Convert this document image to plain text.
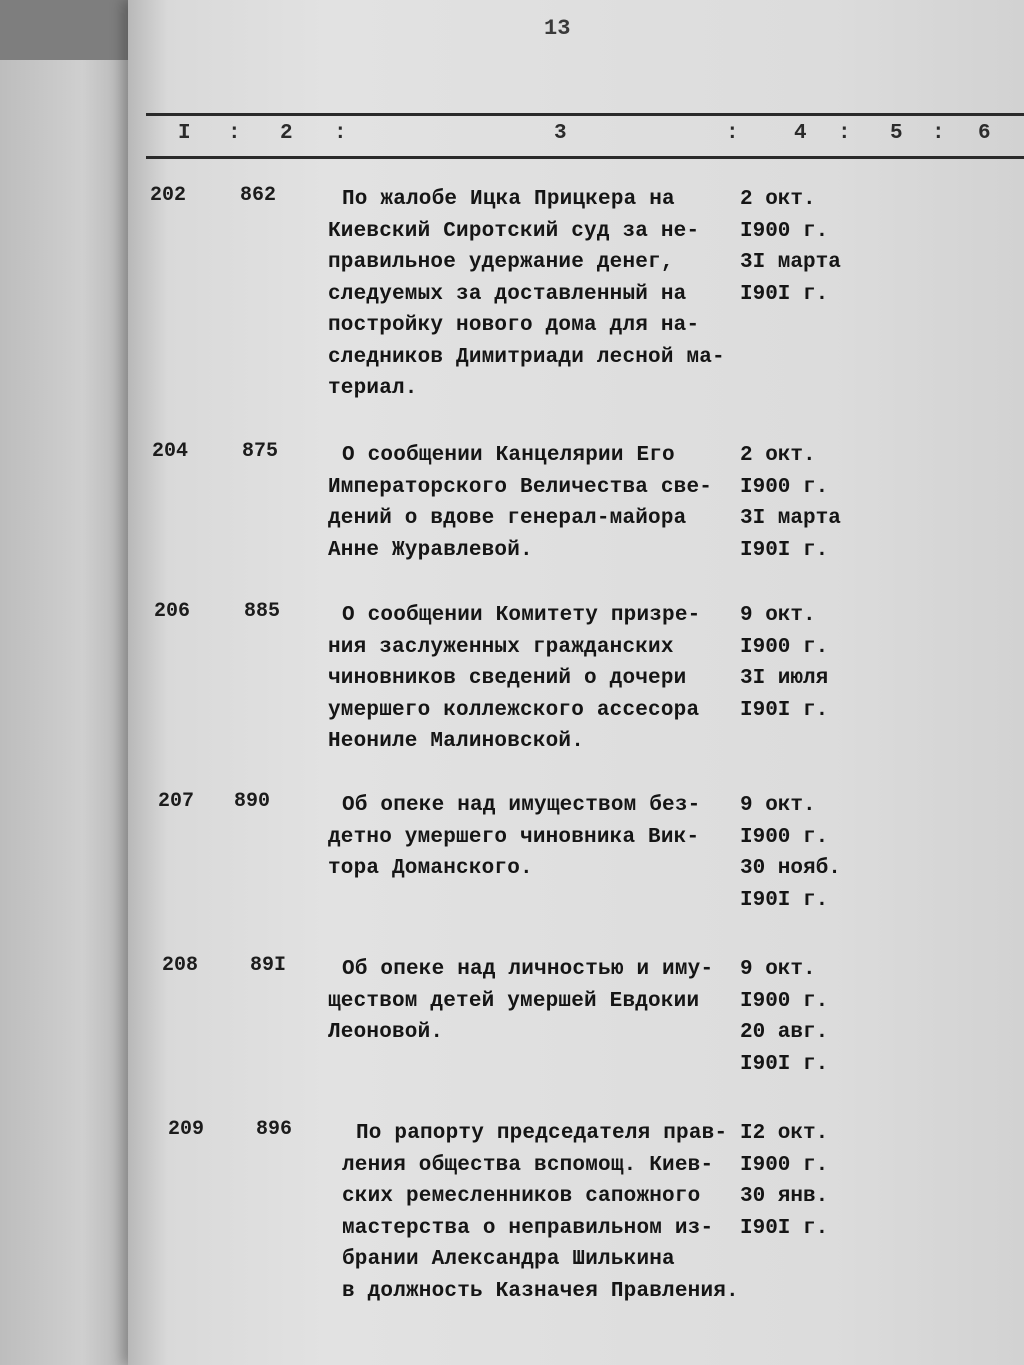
13
I : 2 :	3	:	4 : 5 : 6
202	862	По жалобе Ицка Прицкера на
Киевский Сиротский суд за не-
правильное удержание денег,
следуемых за доставленный на
постройку нового дома для на-
следников Димитриади лесной ма-
териал.
2 окт.
I900 г.
3I марта
I90I г.
204	875	О сообщении Канцелярии Его
Императорского Величества све-
дений о вдове генерал-майора
Анне Журавлевой.
2 окт.
I900 г.
3I марта
I90I г.
206	885	О сообщении Комитету призре-
ния заслуженных гражданских
чиновников сведений о дочери
умершего коллежского ассесора
Неониле Малиновской.
9 окт.
I900 г.
3I июля
I90I г.
207 890	Об опеке над имуществом без-
детно умершего чиновника Вик-
тора Доманского.
9 окт.
I900 г.
30 нояб.
I90I г.
208	89I	Об опеке над личностью и иму-
ществом детей умершей Евдокии
Леоновой.
9 окт.
I900 г.
20 авг.
I90I г.
209	896	По рапорту председателя прав-
ления общества вспомощ. Киев-
ских ремесленников сапожного
мастерства о неправильном из-
брании Александра Шилькина
в должность Казначея Правления.
I2 окт.
I900 г.
30 янв.
I90I г.
